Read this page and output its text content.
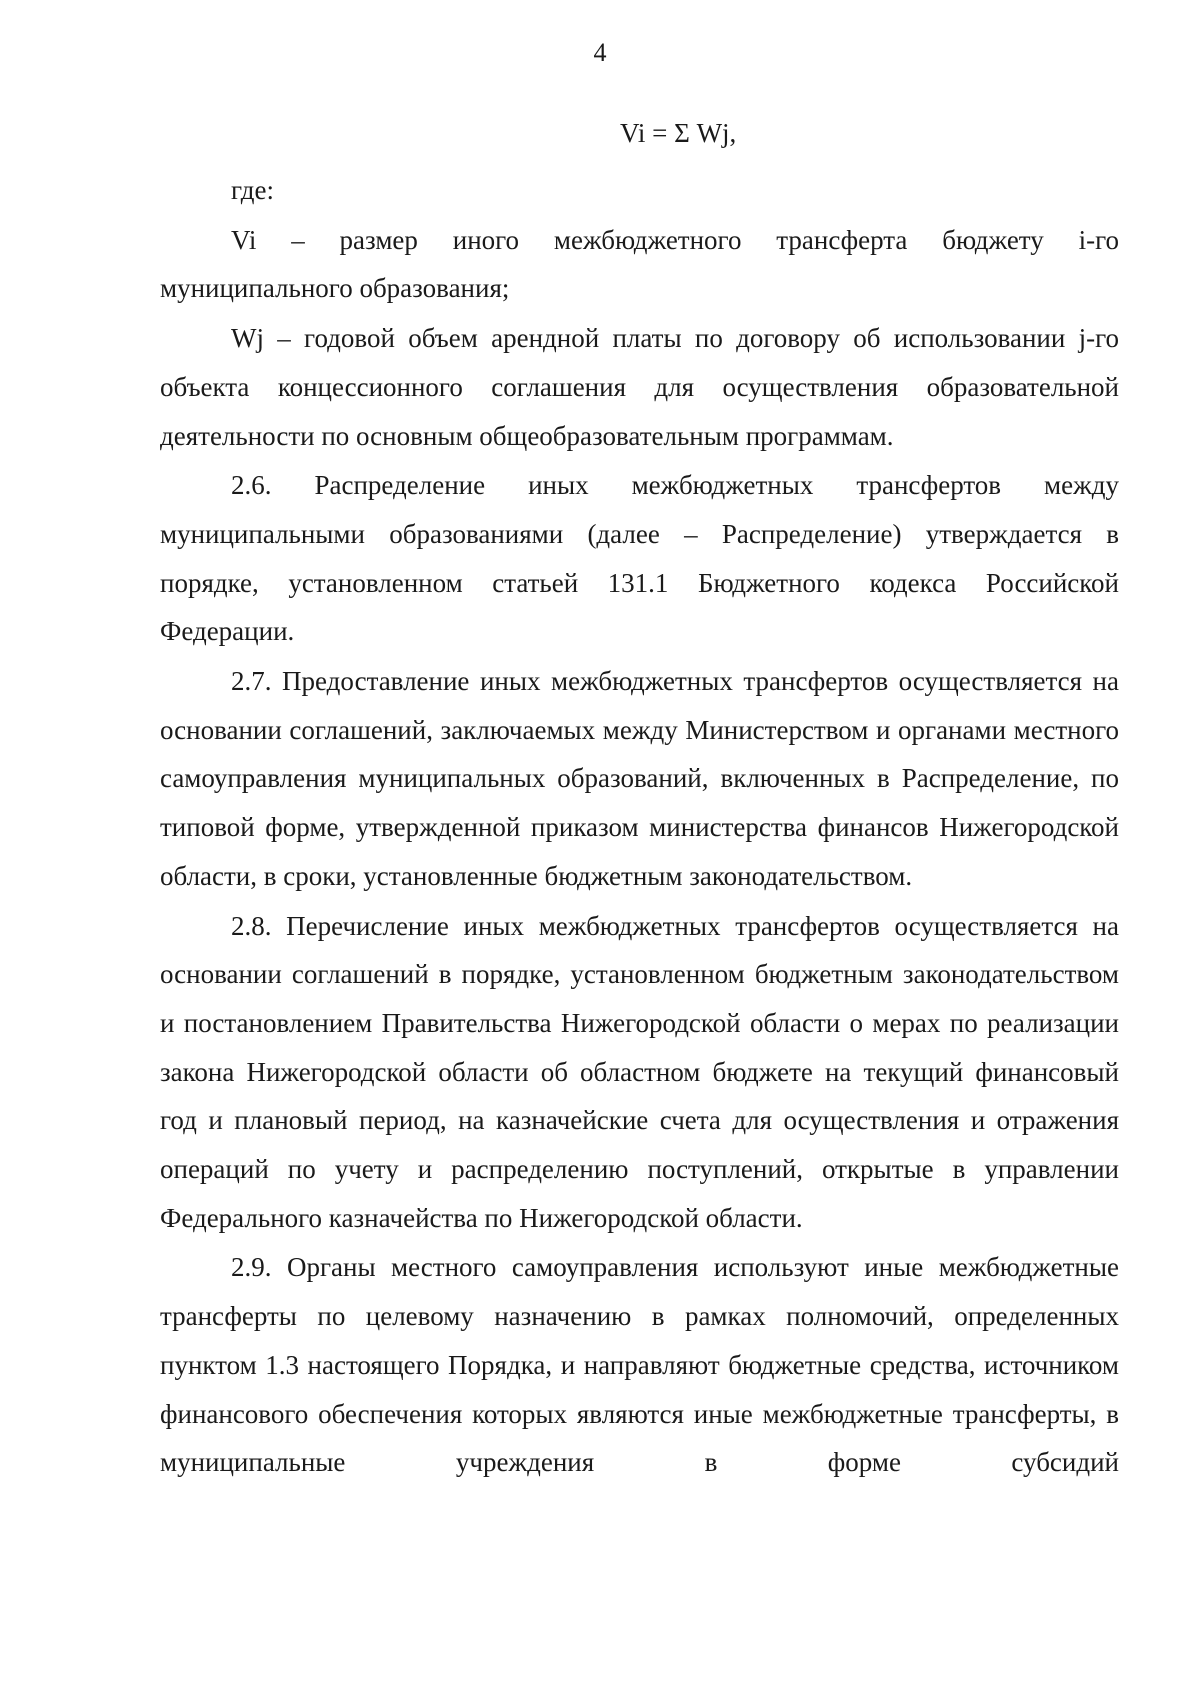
4
Vi = Σ Wj,

где:

Vi – размер иного межбюджетного трансферта бюджету i-го муниципального образования;

Wj – годовой объем арендной платы по договору об использовании j-го объекта концессионного соглашения для осуществления образовательной деятельности по основным общеобразовательным программам.

2.6. Распределение иных межбюджетных трансфертов между муниципальными образованиями (далее – Распределение) утверждается в порядке, установленном статьей 131.1 Бюджетного кодекса Российской Федерации.

2.7. Предоставление иных межбюджетных трансфертов осуществляется на основании соглашений, заключаемых между Министерством и органами местного самоуправления муниципальных образований, включенных в Распределение, по типовой форме, утвержденной приказом министерства финансов Нижегородской области, в сроки, установленные бюджетным законодательством.

2.8. Перечисление иных межбюджетных трансфертов осуществляется на основании соглашений в порядке, установленном бюджетным законодательством и постановлением Правительства Нижегородской области о мерах по реализации закона Нижегородской области об областном бюджете на текущий финансовый год и плановый период, на казначейские счета для осуществления и отражения операций по учету и распределению поступлений, открытые в управлении Федерального казначейства по Нижегородской области.

2.9. Органы местного самоуправления используют иные межбюджетные трансферты по целевому назначению в рамках полномочий, определенных пунктом 1.3 настоящего Порядка, и направляют бюджетные средства, источником финансового обеспечения которых являются иные межбюджетные трансферты, в муниципальные учреждения в форме субсидий
